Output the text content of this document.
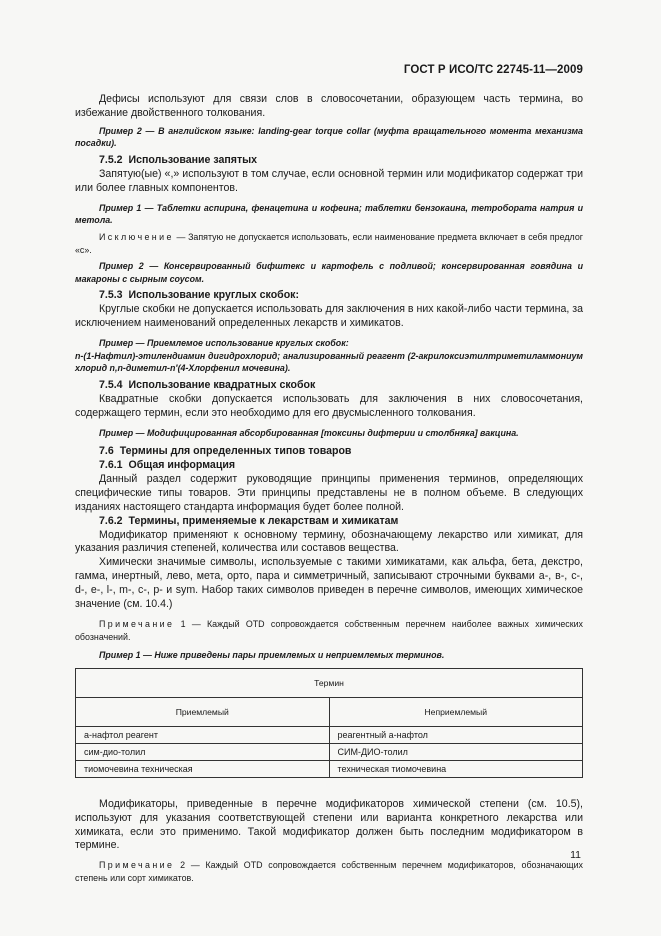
ГОСТ Р ИСО/ТС 22745-11—2009

Дефисы используют для связи слов в словосочетании, образующем часть термина, во избежание двойственного толкования.

Пример 2 — В английском языке: landing-gear torque collar (муфта вращательного момента механизма посадки).

7.5.2 Использование запятых

Запятую(ые) «,» используют в том случае, если основной термин или модификатор содержат три или более главных компонентов.

Пример 1 — Таблетки аспирина, фенацетина и кофеина; таблетки бензокаина, тетробората натрия и метола.

Исключение — Запятую не допускается использовать, если наименование предмета включает в себя предлог «с».

Пример 2 — Консервированный бифштекс и картофель с подливой; консервированная говядина и макароны с сырным соусом.

7.5.3 Использование круглых скобок:

Круглые скобки не допускается использовать для заключения в них какой-либо части термина, за исключением наименований определенных лекарств и химикатов.

Пример — Приемлемое использование круглых скобок:

n-(1-Нафтил)-этилендиамин дигидрохлорид; анализированный реагент (2-акрилоксиэтилтриметиламмониум хлорид n,n-диметил-n′(4-Хлорфенил мочевина).

7.5.4 Использование квадратных скобок

Квадратные скобки допускается использовать для заключения в них словосочетания, содержащего термин, если это необходимо для его двусмысленного толкования.

Пример — Модифицированная абсорбированная [токсины дифтерии и столбняка] вакцина.

7.6 Термины для определенных типов товаров

7.6.1 Общая информация

Данный раздел содержит руководящие принципы применения терминов, определяющих специфические типы товаров. Эти принципы представлены не в полном объеме. В следующих изданиях настоящего стандарта информация будет более полной.

7.6.2 Термины, применяемые к лекарствам и химикатам

Модификатор применяют к основному термину, обозначающему лекарство или химикат, для указания различия степеней, количества или составов вещества.

Химически значимые символы, используемые с такими химикатами, как альфа, бета, декстро, гамма, инертный, лево, мета, орто, пара и симметричный, записывают строчными буквами а-, в-, с-, d-, е-, l-, m-, с-, р- и sym. Набор таких символов приведен в перечне символов, имеющих химическое значение (см. 10.4.)

Примечание 1 — Каждый OTD сопровождается собственным перечнем наиболее важных химических обозначений.

Пример 1 — Ниже приведены пары приемлемых и неприемлемых терминов.

Термин	
Приемлемый	Неприемлемый
а-нафтол реагент	реагентный а-нафтол
сим-дио-толил	СИМ-ДИО-толил
тиомочевина техническая	техническая тиомочевина

Модификаторы, приведенные в перечне модификаторов химической степени (см. 10.5), используют для указания соответствующей степени или варианта конкретного лекарства или химиката, если это применимо. Такой модификатор должен быть последним модификатором в термине.

Примечание 2 — Каждый OTD сопровождается собственным перечнем модификаторов, обозначающих степень или сорт химикатов.

11
